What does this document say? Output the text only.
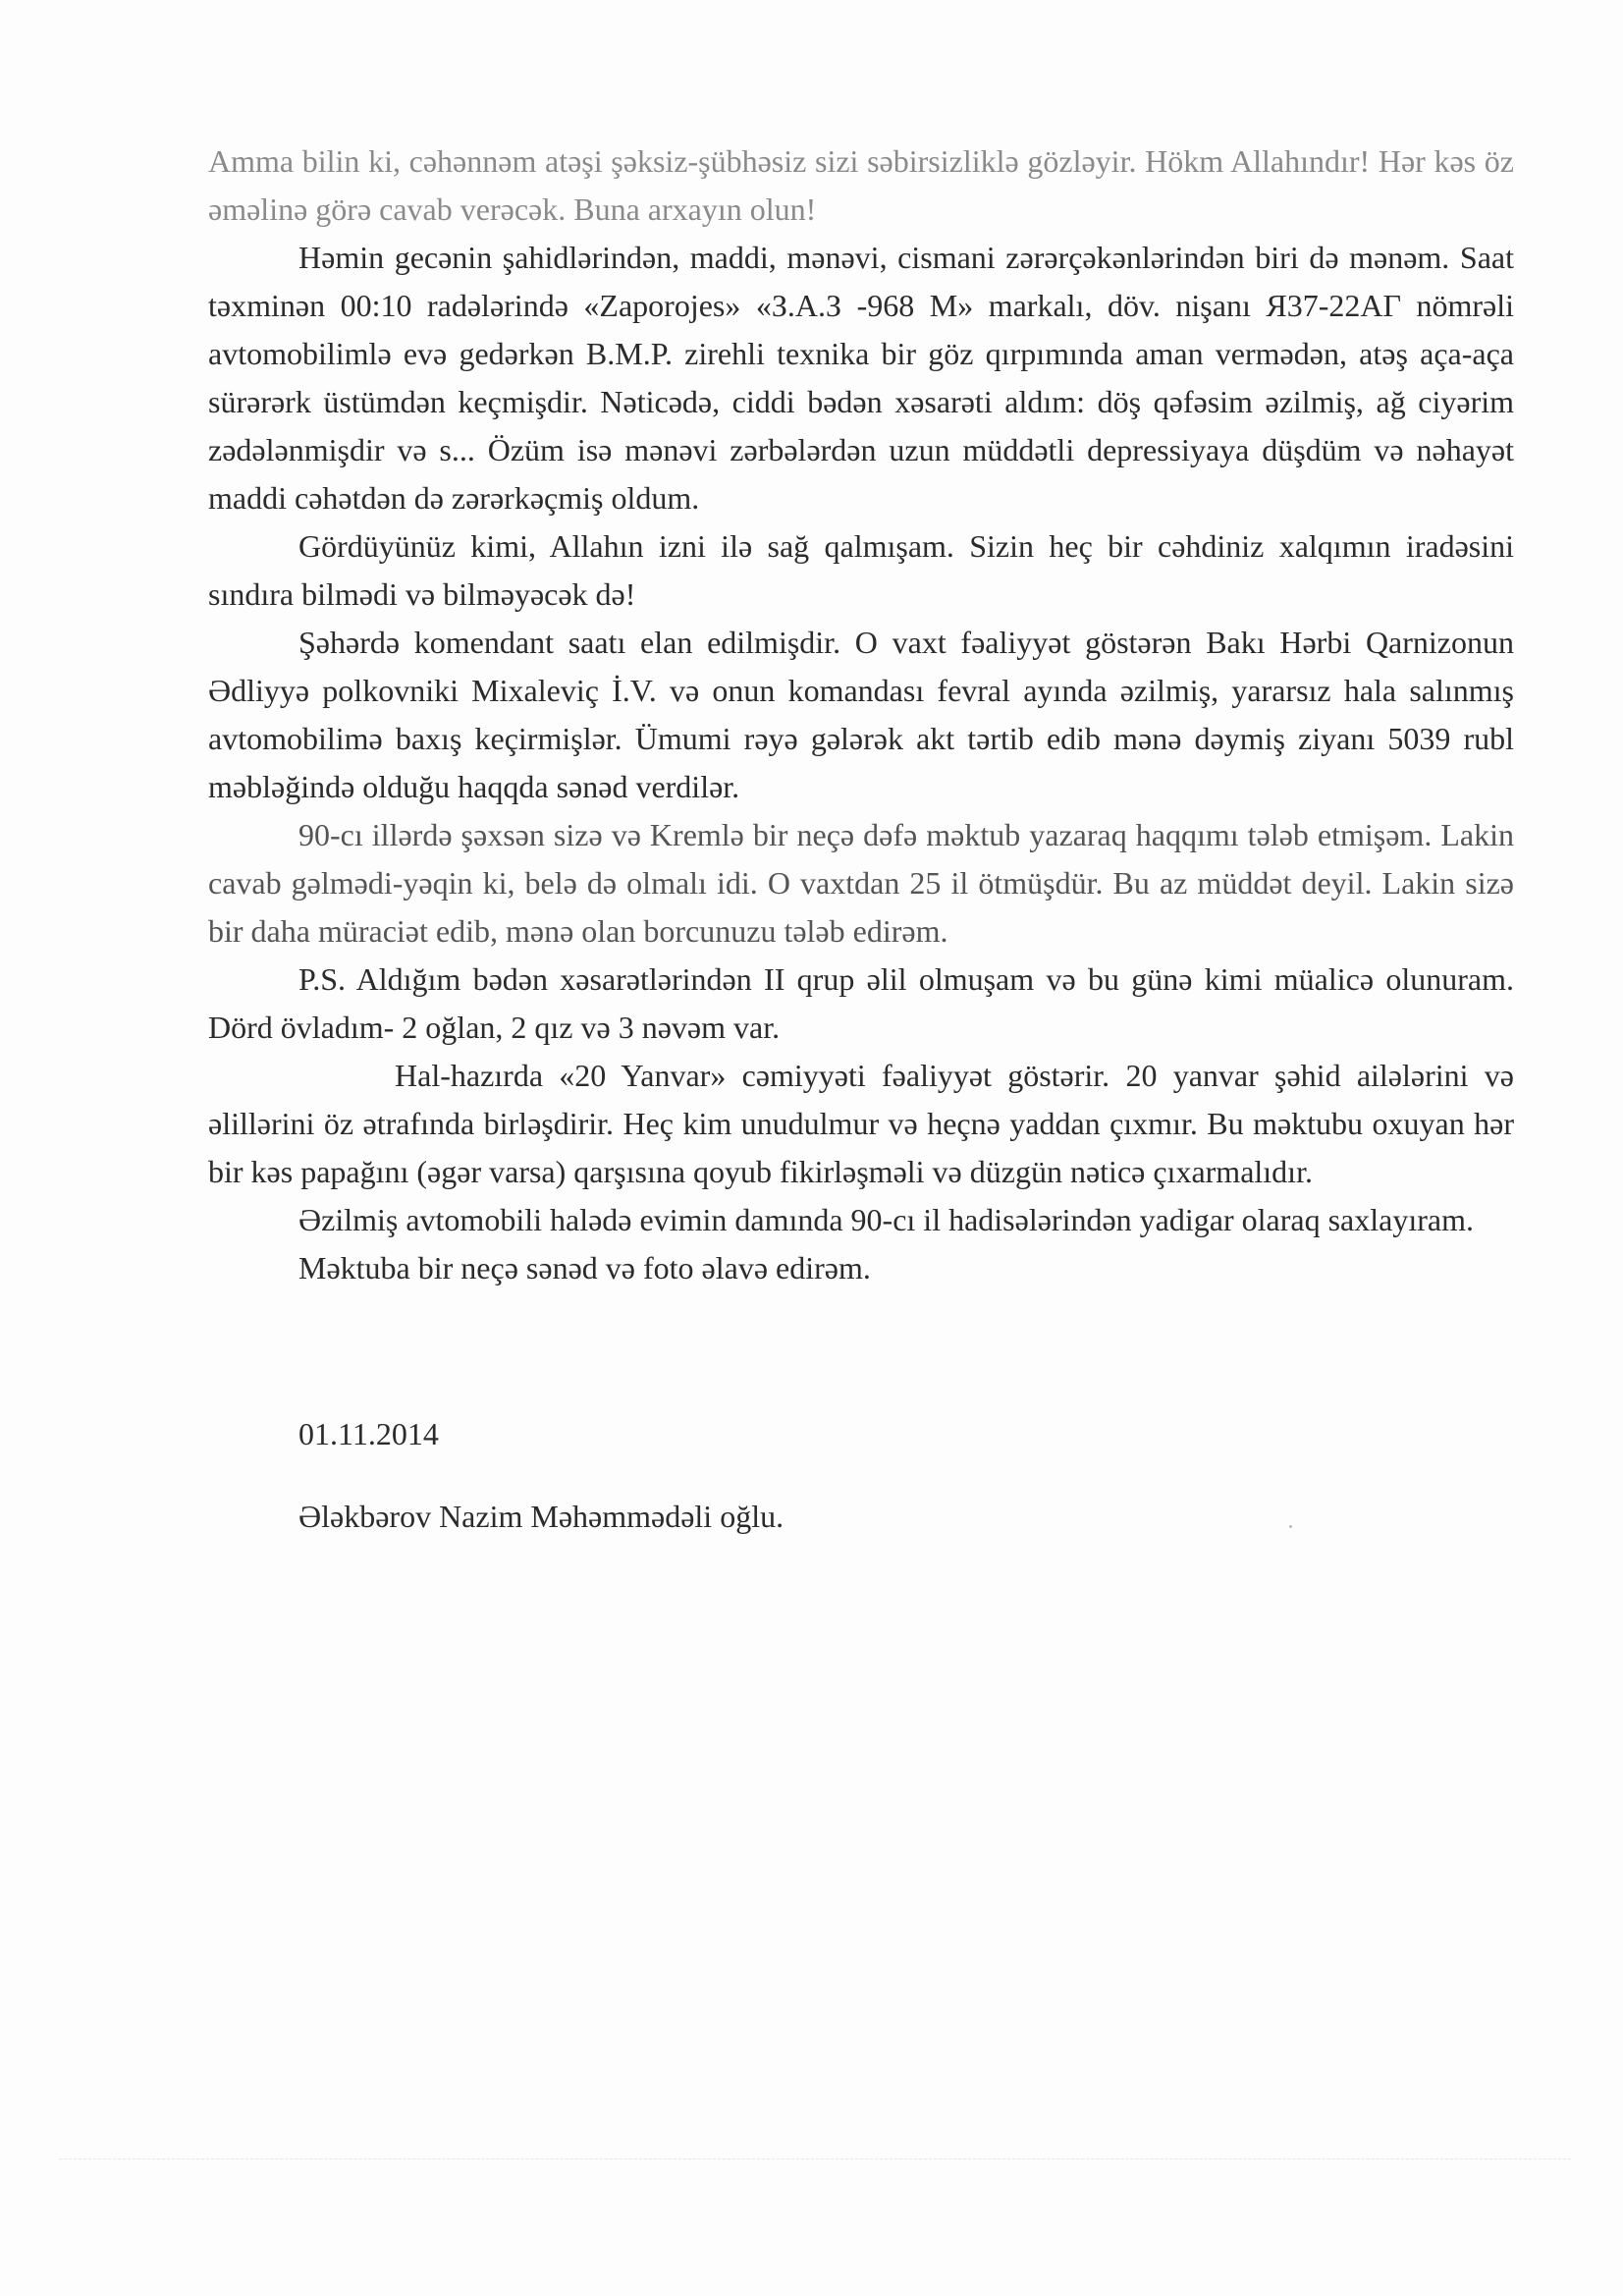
Amma bilin ki, cəhənnəm atəşi şəksiz-şübhəsiz sizi səbirsizliklə gözləyir. Hökm Allahındır! Hər kəs öz əməlinə görə cavab verəcək. Buna arxayın olun!

Həmin gecənin şahidlərindən, maddi, mənəvi, cismani zərərçəkənlərindən biri də mənəm. Saat təxminən 00:10 radələrində «Zaporojes» «З.А.З -968 M» markalı, döv. nişanı Я37-22АГ nömrəli avtomobilimlə evə gedərkən B.M.P. zirehli texnika bir göz qırpımında aman vermədən, atəş açа-açа sürərərk üstümdən keçmişdir. Nəticədə, ciddi bədən xəsarəti aldım: döş qəfəsim əzilmiş, ağ ciyərim zədələnmişdir və s... Özüm isə mənəvi zərbələrdən uzun müddətli depressiyaya düşdüm və nəhayət maddi cəhətdən də zərərkəçmiş oldum.

Gördüyünüz kimi, Allahın izni ilə sağ qalmışam. Sizin heç bir cəhdiniz xalqımın iradəsini sındıra bilmədi və bilməyəcək də!

Şəhərdə komendant saatı elan edilmişdir. O vaxt fəaliyyət göstərən Bakı Hərbi Qarnizonun Ədliyyə polkovniki Mixaleviç İ.V. və onun komandası fevral ayında əzilmiş, yararsız hala salınmış avtomobilimə baxış keçirmişlər. Ümumi rəyə gələrək akt tərtib edib mənə dəymiş ziyanı 5039 rubl məbləğində olduğu haqqda sənəd verdilər.

90-cı illərdə şəxsən sizə və Kremlə bir neçə dəfə məktub yazaraq haqqımı tələb etmişəm. Lakin cavab gəlmədi-yəqin ki, belə də olmalı idi. O vaxtdan 25 il ötmüşdür. Bu az müddət deyil. Lakin sizə bir daha müraciət edib, mənə olan borcunuzu tələb edirəm.

P.S. Aldığım bədən xəsarətlərindən II qrup əlil olmuşam və bu günə kimi müalicə olunuram. Dörd övladım- 2 oğlan, 2 qız və 3 nəvəm var.

Hal-hazırda «20 Yanvar» cəmiyyəti fəaliyyət göstərir. 20 yanvar şəhid ailələrini və əlillərini öz ətrafında birləşdirir. Heç kim unudulmur və heçnə yaddan çıxmır. Bu məktubu oxuyan hər bir kəs papağını (əgər varsa) qarşısına qoyub fikirləşməli və düzgün nəticə çıxarmalıdır.

Əzilmiş avtomobili halədə evimin damında 90-cı il hadisələrindən yadigar olaraq saxlayıram.

Məktuba bir neçə sənəd və foto əlavə edirəm.

01.11.2014

Ələkbərov Nazim Məhəmmədəli oğlu.
